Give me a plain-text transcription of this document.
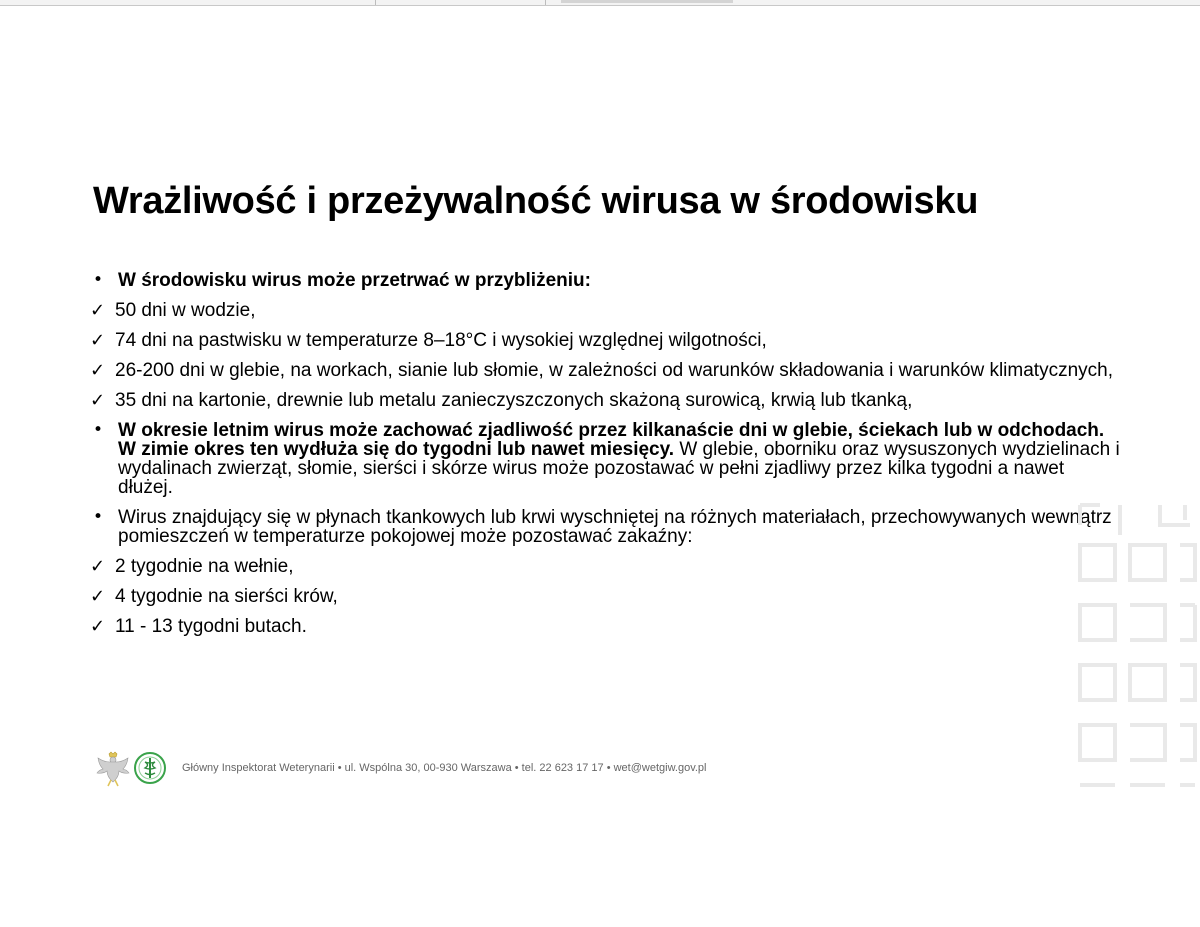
Wrażliwość i przeżywalność wirusa w środowisku
• W środowisku wirus może przetrwać w przybliżeniu:
✓ 50 dni w wodzie,
✓ 74 dni na pastwisku w temperaturze 8–18°C i wysokiej względnej wilgotności,
✓ 26-200 dni w glebie, na workach, sianie lub słomie, w zależności od warunków składowania i warunków klimatycznych,
✓ 35 dni na kartonie, drewnie lub metalu zanieczyszczonych skażoną surowicą, krwią lub tkanką,
• W okresie letnim wirus może zachować zjadliwość przez kilkanaście dni w glebie, ściekach lub w odchodach. W zimie okres ten wydłuża się do tygodni lub nawet miesięcy. W glebie, oborniku oraz wysuszonych wydzielinach i wydalinach zwierząt, słomie, sierści i skórze wirus może pozostawać w pełni zjadliwy przez kilka tygodni a nawet dłużej.
• Wirus znajdujący się w płynach tkankowych lub krwi wyschniętej na różnych materiałach, przechowywanych wewnątrz pomieszczeń w temperaturze pokojowej może pozostawać zakaźny:
✓ 2 tygodnie na wełnie,
✓ 4 tygodnie na sierści krów,
✓ 11 - 13 tygodni butach.
Główny Inspektorat Weterynarii • ul. Wspólna 30, 00-930 Warszawa • tel. 22 623 17 17 • wet@wetgiw.gov.pl
